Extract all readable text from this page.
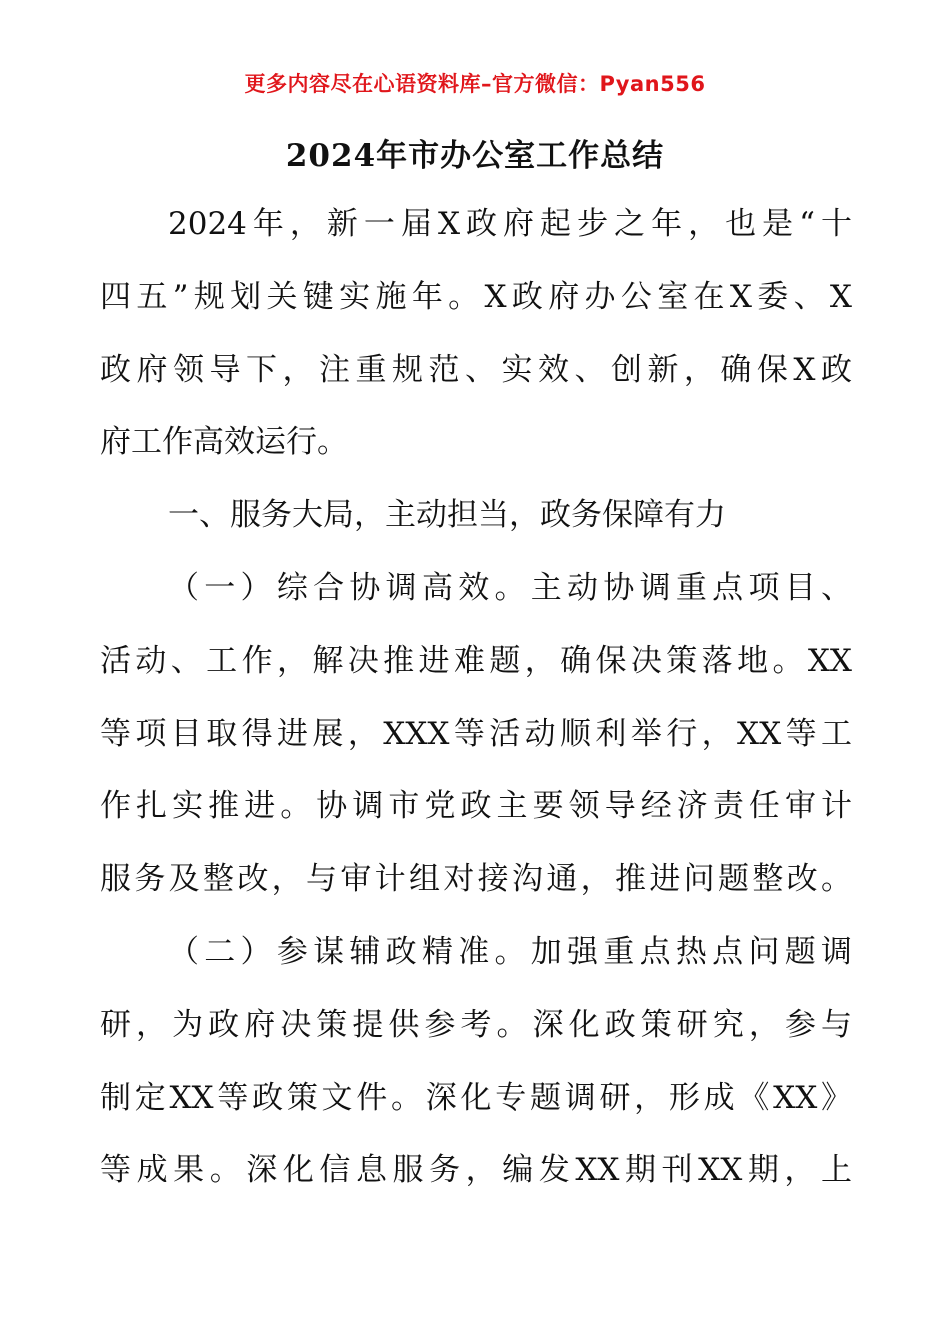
更多内容尽在心语资料库–官方微信：Pyan556
2024年市办公室工作总结
2024年，新一届X政府起步之年，也是“十
四五”规划关键实施年。X政府办公室在X委、X
政府领导下，注重规范、实效、创新，确保X政
府工作高效运行。
一、服务大局，主动担当，政务保障有力
（一）综合协调高效。主动协调重点项目、
活动、工作，解决推进难题，确保决策落地。XX
等项目取得进展，XXX等活动顺利举行，XX等工
作扎实推进。协调市党政主要领导经济责任审计
服务及整改，与审计组对接沟通，推进问题整改。
（二）参谋辅政精准。加强重点热点问题调
研，为政府决策提供参考。深化政策研究，参与
制定XX等政策文件。深化专题调研，形成《XX》
等成果。深化信息服务，编发XX期刊XX期，上
